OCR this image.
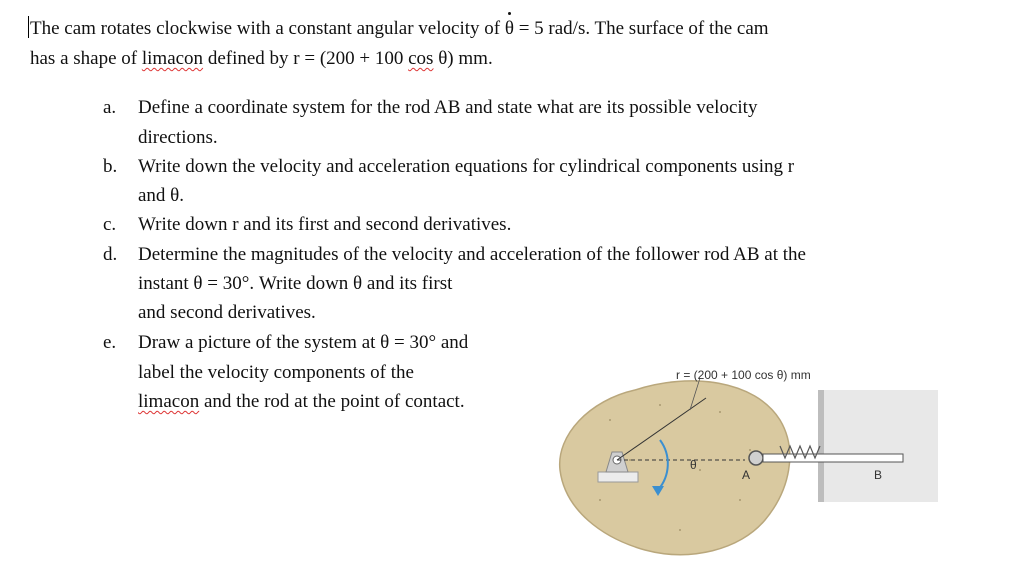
The cam rotates clockwise with a constant angular velocity of θ = 5 rad/s. The surface of the cam
has a shape of limacon defined by r = (200 + 100 cos θ) mm.
a. Define a coordinate system for the rod AB and state what are its possible velocity
directions.
b. Write down the velocity and acceleration equations for cylindrical components using r
and θ.
c. Write down r and its first and second derivatives.
d. Determine the magnitudes of the velocity and acceleration of the follower rod AB at the
instant θ = 30°. Write down θ and its first
and second derivatives.
e. Draw a picture of the system at θ = 30° and
label the velocity components of the
limacon and the rod at the point of contact.
r = (200 + 100 cos θ) mm
θ
A	B
